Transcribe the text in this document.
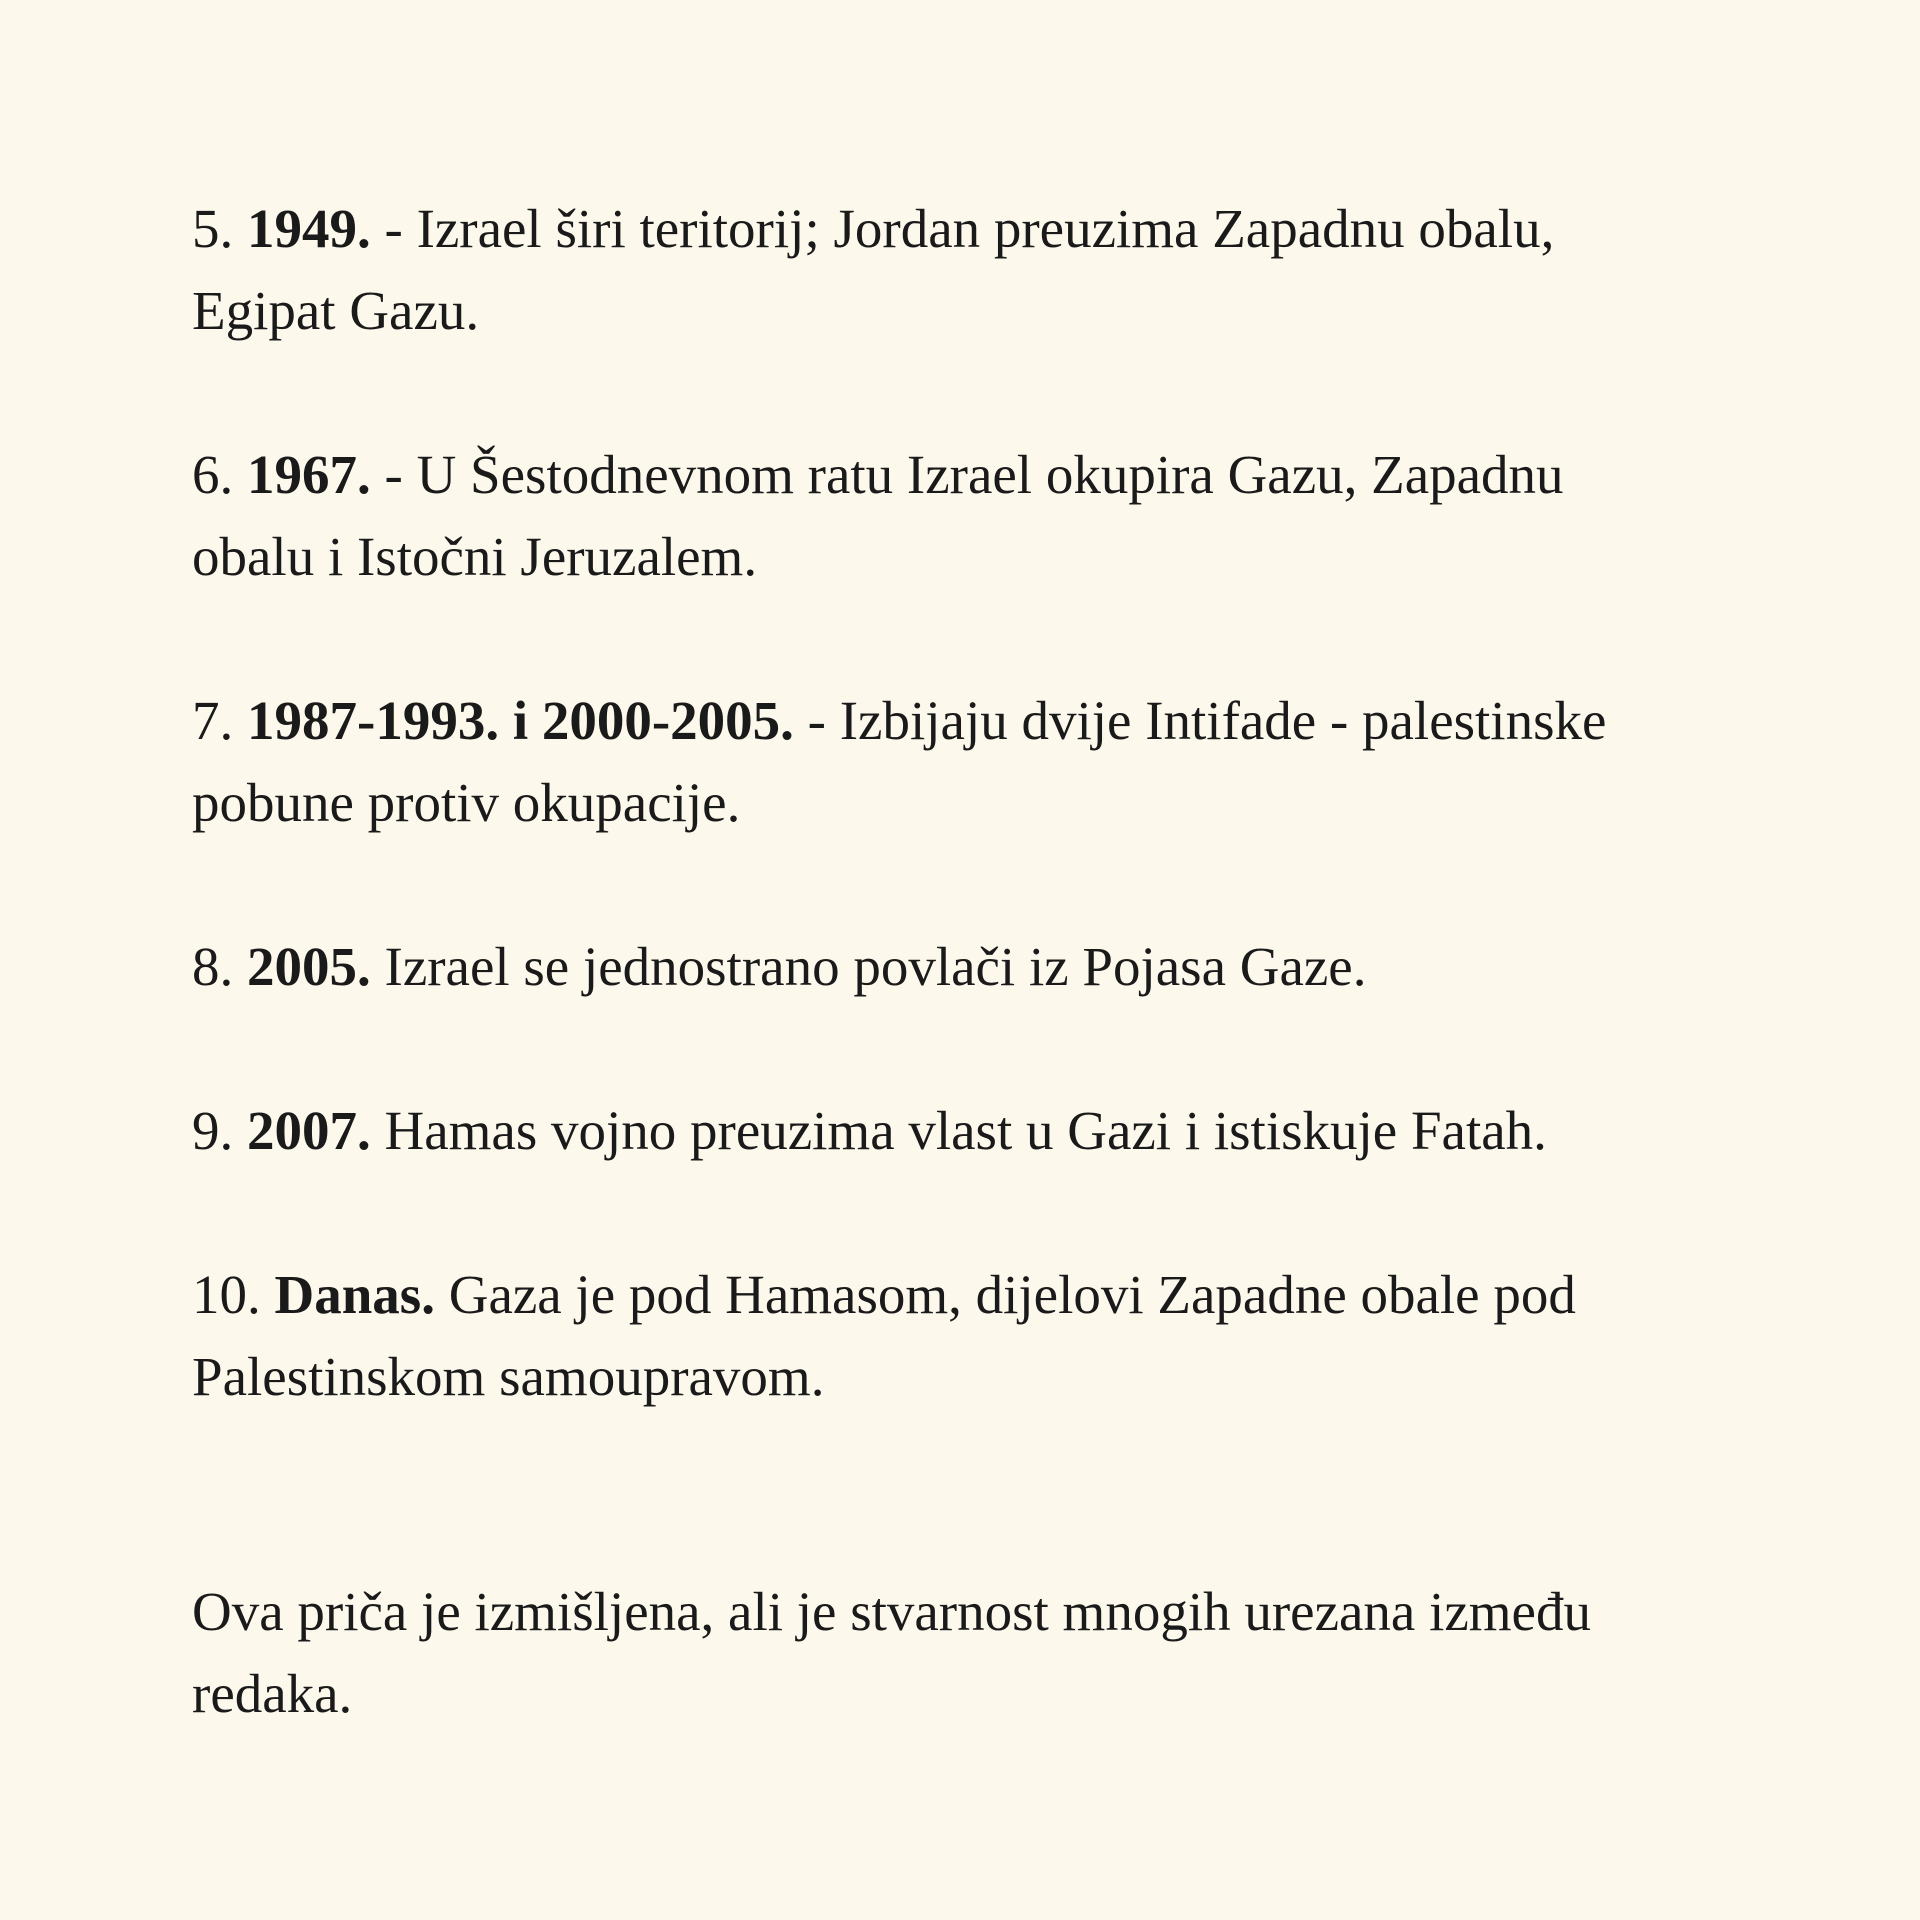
5. 1949. - Izrael širi teritorij; Jordan preuzima Zapadnu obalu, Egipat Gazu.

6. 1967. - U Šestodnevnom ratu Izrael okupira Gazu, Zapadnu obalu i Istočni Jeruzalem.

7. 1987-1993. i 2000-2005. - Izbijaju dvije Intifade - palestinske pobune protiv okupacije.

8. 2005. Izrael se jednostrano povlači iz Pojasa Gaze.

9. 2007. Hamas vojno preuzima vlast u Gazi i istiskuje Fatah.

10. Danas. Gaza je pod Hamasom, dijelovi Zapadne obale pod Palestinskom samoupravom.

Ova priča je izmišljena, ali je stvarnost mnogih urezana između redaka.
